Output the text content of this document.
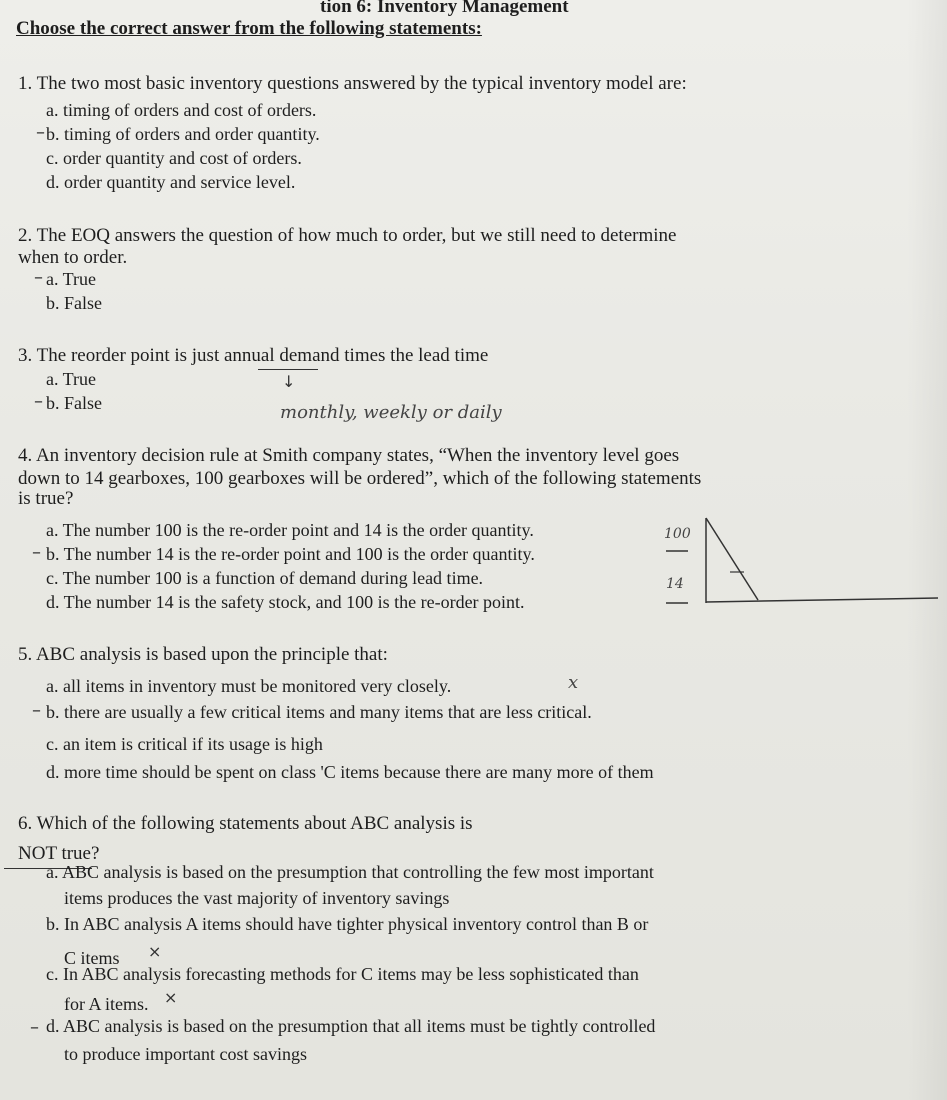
tion 6: Inventory Management
Choose the correct answer from the following statements:
1. The two most basic inventory questions answered by the typical inventory model are:
a. timing of orders and cost of orders.
b. timing of orders and order quantity.
c. order quantity and cost of orders.
d. order quantity and service level.
–
2. The EOQ answers the question of how much to order, but we still need to determine
when to order.
a. True
b. False
–
3. The reorder point is just annual demand times the lead time
a. True
b. False
–
↓
monthly, weekly or daily
4. An inventory decision rule at Smith company states, “When the inventory level goes
down to 14 gearboxes, 100 gearboxes will be ordered”, which of the following statements
is true?
a. The number 100 is the re-order point and 14 is the order quantity.
b. The number 14 is the re-order point and 100 is the order quantity.
c. The number 100 is a function of demand during lead time.
d. The number 14 is the safety stock, and 100 is the re-order point.
–
100
14
5. ABC analysis is based upon the principle that:
a. all items in inventory must be monitored very closely.
b. there are usually a few critical items and many items that are less critical.
c. an item is critical if its usage is high
d. more time should be spent on class 'C items because there are many more of them
–
x
6. Which of the following statements about ABC analysis is
NOT true?
a. ABC analysis is based on the presumption that controlling the few most important
items produces the vast majority of inventory savings
b. In ABC analysis A items should have tighter physical inventory control than B or
C items
c. In ABC analysis forecasting methods for C items may be less sophisticated than
for A items.
d. ABC analysis is based on the presumption that all items must be tightly controlled
to produce important cost savings
–
×
×
